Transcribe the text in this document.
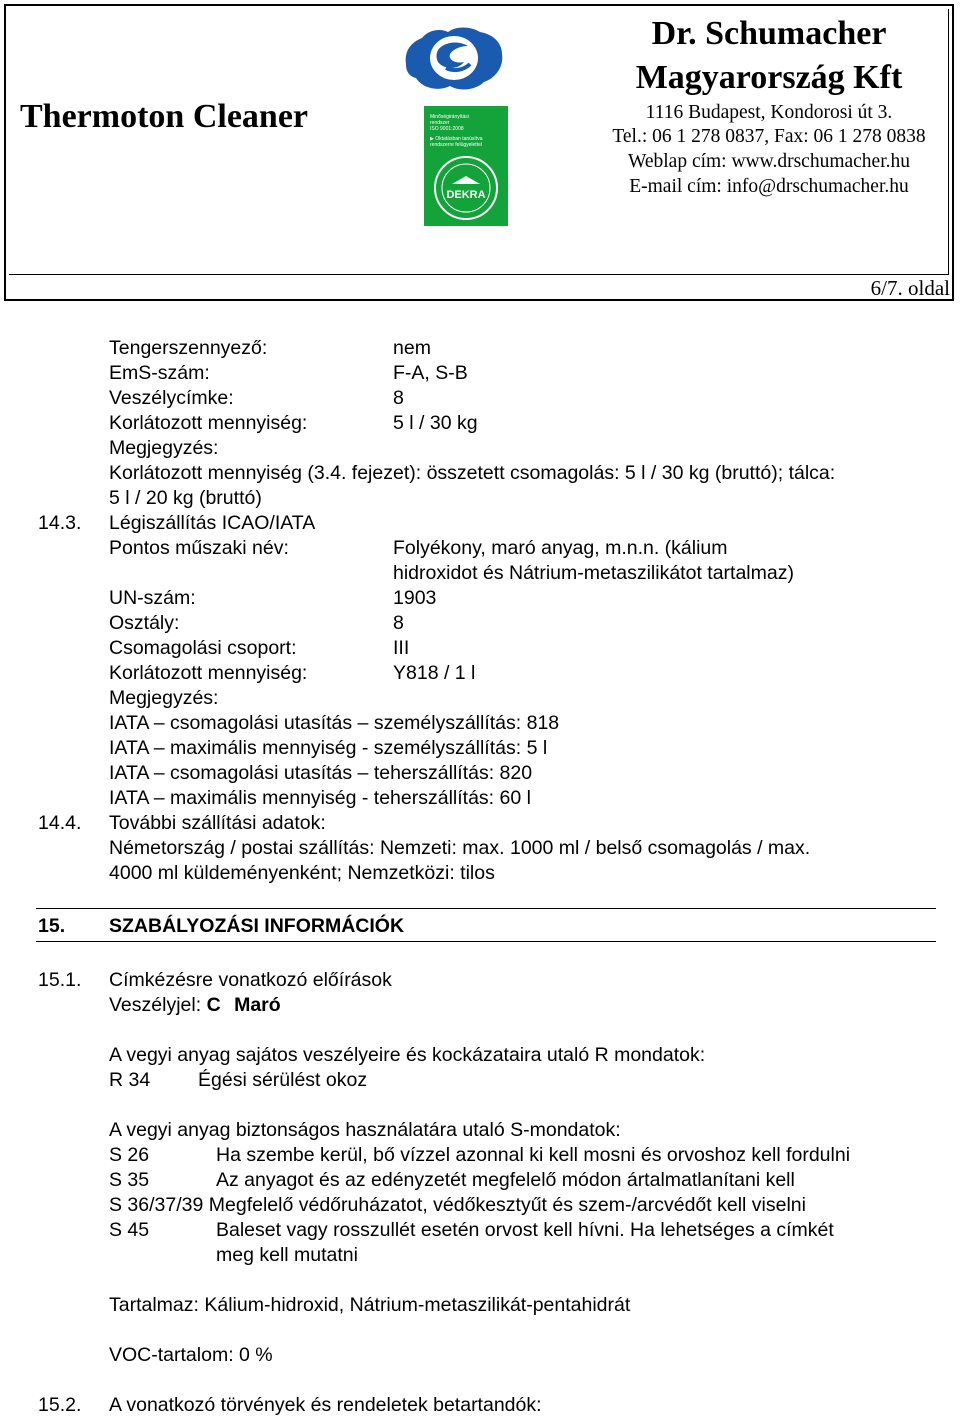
Thermoton Cleaner	Minőségirányítási
rendszer
ISO 9001:2008
▶ Oktatásban tanúsítva
rendszerre felügyelettel
DEKRA
Dr. Schumacher Magyarország Kft
1116 Budapest, Kondorosi út 3.
Tel.: 06 1 278 0837, Fax: 06 1 278 0838
Weblap cím: www.drschumacher.hu
E-mail cím: info@drschumacher.hu
6/7. oldal
Tengerszennyező:	nem
EmS-szám:	F-A, S-B
Veszélycímke:	8
Korlátozott mennyiség:	5 l / 30 kg
Megjegyzés:
Korlátozott mennyiség (3.4. fejezet): összetett csomagolás: 5 l / 30 kg (bruttó); tálca:
5 l / 20 kg (bruttó)
14.3. Légiszállítás ICAO/IATA
Pontos műszaki név:	Folyékony, maró anyag, m.n.n. (kálium
hidroxidot és Nátrium-metaszilikátot tartalmaz)
UN-szám:	1903
Osztály:	8
Csomagolási csoport:	III
Korlátozott mennyiség:	Y818 / 1 l
Megjegyzés:
IATA – csomagolási utasítás – személyszállítás: 818
IATA – maximális mennyiség - személyszállítás: 5 l
IATA – csomagolási utasítás – teherszállítás: 820
IATA – maximális mennyiség - teherszállítás: 60 l
14.4. További szállítási adatok:
Németország / postai szállítás: Nemzeti: max. 1000 ml / belső csomagolás / max.
4000 ml küldeményenként; Nemzetközi: tilos
15. SZABÁLYOZÁSI INFORMÁCIÓK
15.1. Címkézésre vonatkozó előírások
Veszélyjel: C Maró
A vegyi anyag sajátos veszélyeire és kockázataira utaló R mondatok:
R 34 Égési sérülést okoz
A vegyi anyag biztonságos használatára utaló S-mondatok:
S 26	Ha szembe kerül, bő vízzel azonnal ki kell mosni és orvoshoz kell fordulni
S 35	Az anyagot és az edényzetét megfelelő módon ártalmatlanítani kell
S 36/37/39 Megfelelő védőruházatot, védőkesztyűt és szem-/arcvédőt kell viselni
S 45	Baleset vagy rosszullét esetén orvost kell hívni. Ha lehetséges a címkét
meg kell mutatni
Tartalmaz: Kálium-hidroxid, Nátrium-metaszilikát-pentahidrát
VOC-tartalom: 0 %
15.2. A vonatkozó törvények és rendeletek betartandók:
